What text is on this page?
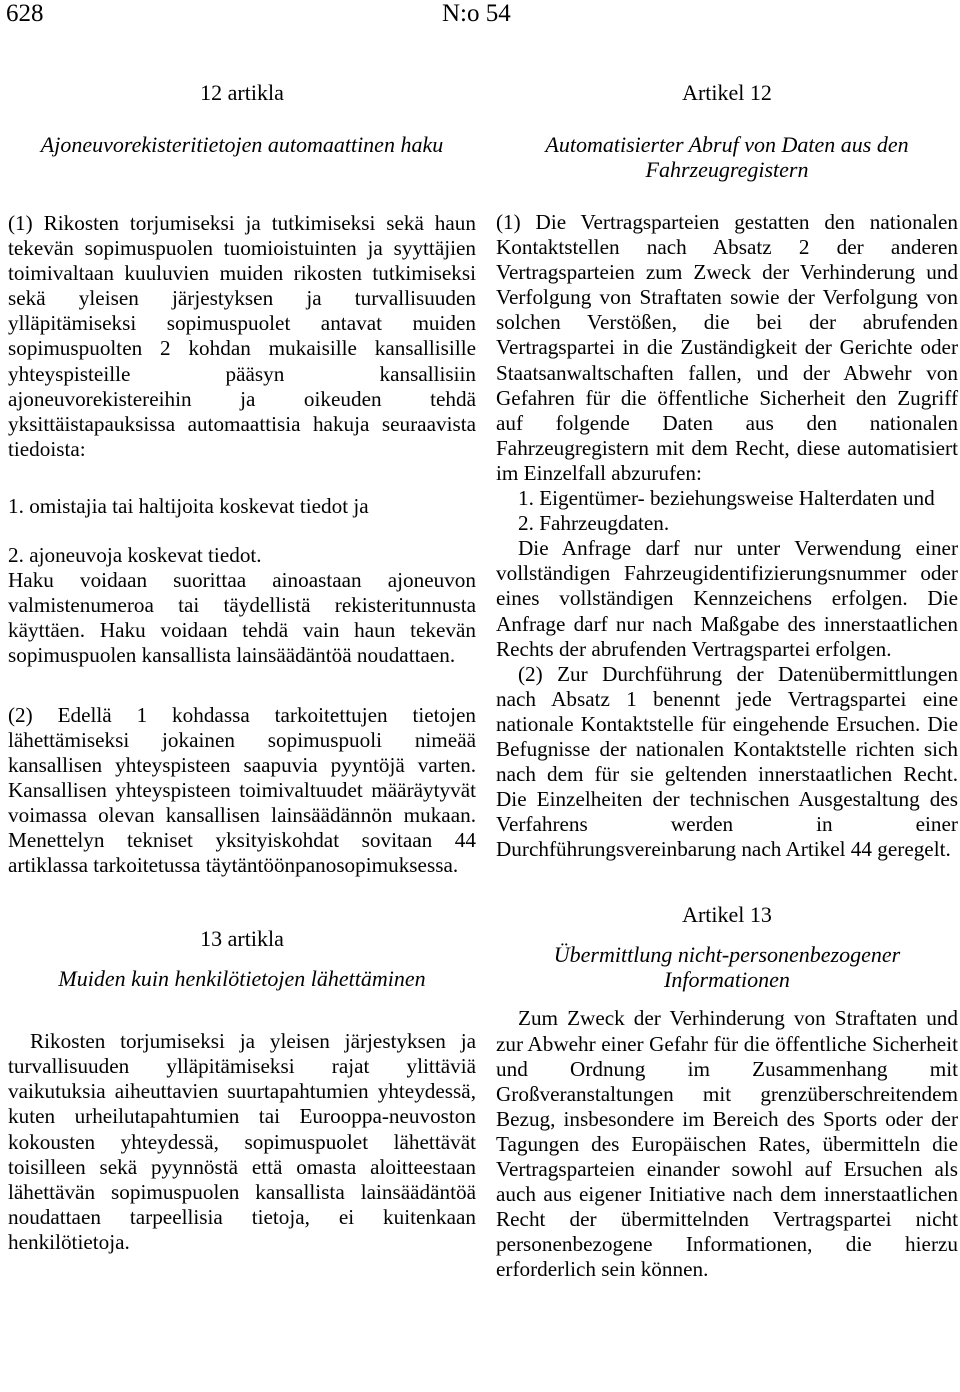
628	N:o 54

12 artikla

Ajoneuvorekisteritietojen automaattinen haku

(1) Rikosten torjumiseksi ja tutkimiseksi sekä haun tekevän sopimuspuolen tuomioistuinten ja syyttäjien toimivaltaan kuuluvien muiden rikosten tutkimiseksi sekä yleisen järjestyksen ja turvallisuuden ylläpitämiseksi sopimuspuolet antavat muiden sopimuspuolten 2 kohdan mukaisille kansallisille yhteyspisteille pääsyn kansallisiin ajoneuvorekistereihin ja oikeuden tehdä yksittäistapauksissa automaattisia hakuja seuraavista tiedoista:

1. omistajia tai haltijoita koskevat tiedot ja

2. ajoneuvoja koskevat tiedot.

Haku voidaan suorittaa ainoastaan ajoneuvon valmistenumeroa tai täydellistä rekisteritunnusta käyttäen. Haku voidaan tehdä vain haun tekevän sopimuspuolen kansallista lainsäädäntöä noudattaen.

(2) Edellä 1 kohdassa tarkoitettujen tietojen lähettämiseksi jokainen sopimuspuoli nimeää kansallisen yhteyspisteen saapuvia pyyntöjä varten. Kansallisen yhteyspisteen toimivaltuudet määräytyvät voimassa olevan kansallisen lainsäädännön mukaan. Menettelyn tekniset yksityiskohdat sovitaan 44 artiklassa tarkoitetussa täytäntöönpanosopimuksessa.

13 artikla

Muiden kuin henkilötietojen lähettäminen

Rikosten torjumiseksi ja yleisen järjestyksen ja turvallisuuden ylläpitämiseksi rajat ylittäviä vaikutuksia aiheuttavien suurtapahtumien yhteydessä, kuten urheilutapahtumien tai Eurooppa-neuvoston kokousten yhteydessä, sopimuspuolet lähettävät toisilleen sekä pyynnöstä että omasta aloitteestaan lähettävän sopimuspuolen kansallista lainsäädäntöä noudattaen tarpeellisia tietoja, ei kuitenkaan henkilötietoja.

Artikel 12

Automatisierter Abruf von Daten aus den Fahrzeugregistern

(1) Die Vertragsparteien gestatten den nationalen Kontaktstellen nach Absatz 2 der anderen Vertragsparteien zum Zweck der Verhinderung und Verfolgung von Straftaten sowie der Verfolgung von solchen Verstößen, die bei der abrufenden Vertragspartei in die Zuständigkeit der Gerichte oder Staatsanwaltschaften fallen, und der Abwehr von Gefahren für die öffentliche Sicherheit den Zugriff auf folgende Daten aus den nationalen Fahrzeugregistern mit dem Recht, diese automatisiert im Einzelfall abzurufen:

1. Eigentümer- beziehungsweise Halterdaten und

2. Fahrzeugdaten.

Die Anfrage darf nur unter Verwendung einer vollständigen Fahrzeugidentifizierungsnummer oder eines vollständigen Kennzeichens erfolgen. Die Anfrage darf nur nach Maßgabe des innerstaatlichen Rechts der abrufenden Vertragspartei erfolgen.

(2) Zur Durchführung der Datenübermittlungen nach Absatz 1 benennt jede Vertragspartei eine nationale Kontaktstelle für eingehende Ersuchen. Die Befugnisse der nationalen Kontaktstelle richten sich nach dem für sie geltenden innerstaatlichen Recht. Die Einzelheiten der technischen Ausgestaltung des Verfahrens werden in einer Durchführungsvereinbarung nach Artikel 44 geregelt.

Artikel 13

Übermittlung nicht-personenbezogener Informationen

Zum Zweck der Verhinderung von Straftaten und zur Abwehr einer Gefahr für die öffentliche Sicherheit und Ordnung im Zusammenhang mit Großveranstaltungen mit grenzüberschreitendem Bezug, insbesondere im Bereich des Sports oder der Tagungen des Europäischen Rates, übermitteln die Vertragsparteien einander sowohl auf Ersuchen als auch aus eigener Initiative nach dem innerstaatlichen Recht der übermittelnden Vertragspartei nicht personenbezogene Informationen, die hierzu erforderlich sein können.
